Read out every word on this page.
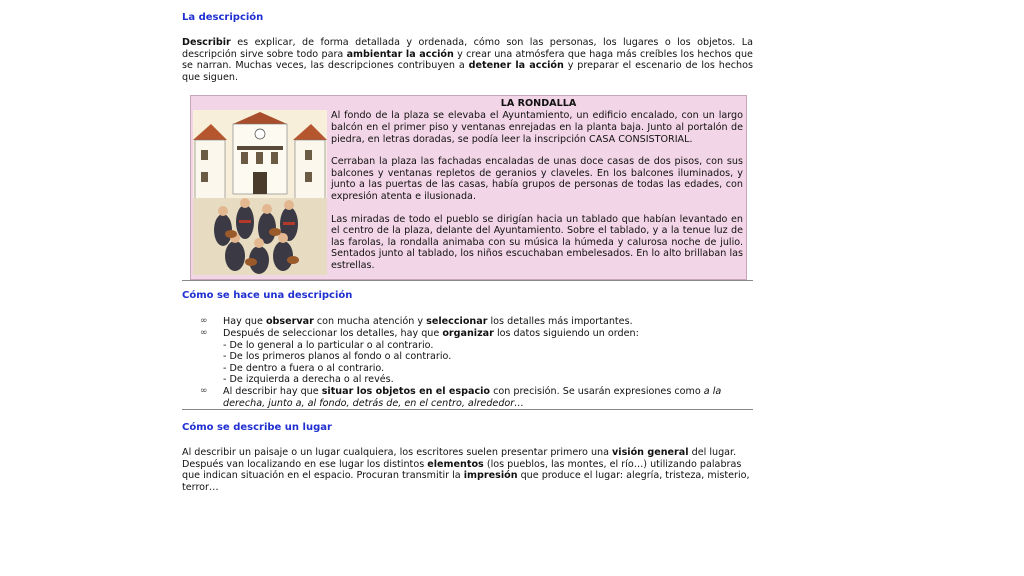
La descripción

Describir es explicar, de forma detallada y ordenada, cómo son las personas, los lugares o los objetos. La descripción sirve sobre todo para ambientar la acción y crear una atmósfera que haga más creíbles los hechos que se narran. Muchas veces, las descripciones contribuyen a detener la acción y preparar el escenario de los hechos que siguen.

LA RONDALLA

Al fondo de la plaza se elevaba el Ayuntamiento, un edificio encalado, con un largo balcón en el primer piso y ventanas enrejadas en la planta baja. Junto al portalón de piedra, en letras doradas, se podía leer la inscripción CASA CONSISTORIAL.

Cerraban la plaza las fachadas encaladas de unas doce casas de dos pisos, con sus balcones y ventanas repletos de geranios y claveles. En los balcones iluminados, y junto a las puertas de las casas, había grupos de personas de todas las edades, con expresión atenta e ilusionada.

Las miradas de todo el pueblo se dirigían hacia un tablado que habían levantado en el centro de la plaza, delante del Ayuntamiento. Sobre el tablado, y a la tenue luz de las farolas, la rondalla animaba con su música la húmeda y calurosa noche de julio. Sentados junto al tablado, los niños escuchaban embelesados. En lo alto brillaban las estrellas.

Cómo se hace una descripción
∞ Hay que observar con mucha atención y seleccionar los detalles más importantes.
∞ Después de seleccionar los detalles, hay que organizar los datos siguiendo un orden:
- De lo general a lo particular o al contrario.
- De los primeros planos al fondo o al contrario.
- De dentro a fuera o al contrario.
- De izquierda a derecha o al revés.
∞ Al describir hay que situar los objetos en el espacio con precisión. Se usarán expresiones como a la derecha, junto a, al fondo, detrás de, en el centro, alrededor…
Cómo se describe un lugar

Al describir un paisaje o un lugar cualquiera, los escritores suelen presentar primero una visión general del lugar. Después van localizando en ese lugar los distintos elementos (los pueblos, las montes, el río…) utilizando palabras que indican situación en el espacio. Procuran transmitir la impresión que produce el lugar: alegría, tristeza, misterio, terror…
